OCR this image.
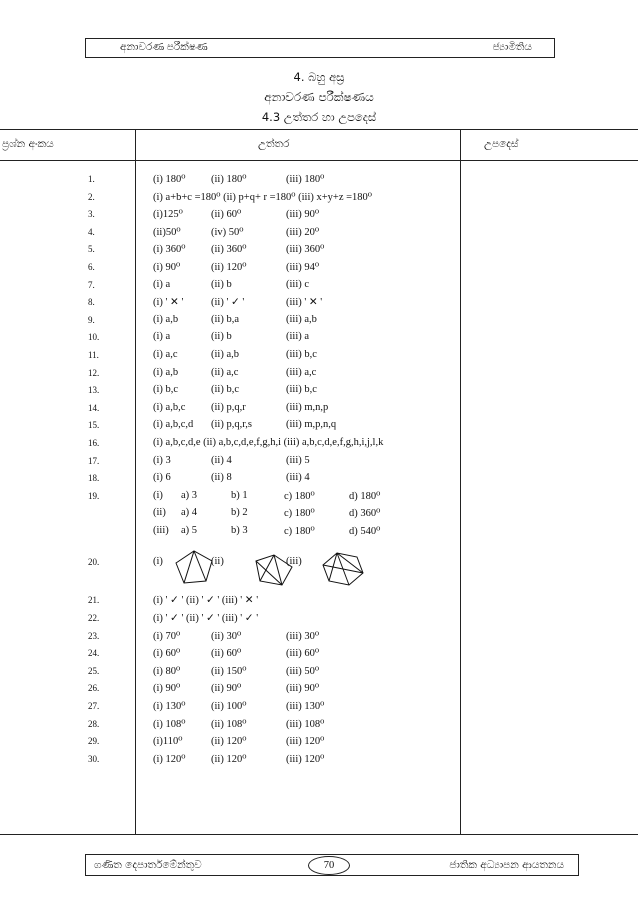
අනාවරණ පරීක්ෂණ	ජ්‍යාමිතිය
4. බහු අස්‍ර
අනාවරණ පරීක්ෂණය
4.3 උත්තර හා උපදෙස්
ප්‍රශ්න අංකය	උත්තර	උපදෙස්
1.	(i) 180⁰ (ii) 180⁰	(iii) 180⁰
2.	(i) a+b+c =180⁰ (ii) p+q+ r =180⁰ (iii) x+y+z =180⁰
3.	(i)125⁰	(ii) 60⁰	(iii) 90⁰
4.	(ii)50⁰	(iv) 50⁰	(iii) 20⁰
5.	(i) 360⁰ (ii) 360⁰	(iii) 360⁰
6.	(i) 90⁰	(ii) 120⁰	(iii) 94⁰
7.	(i) a	(ii) b	(iii) c
8.	(i) ' ✕ '	(ii) ' ✓ '	(iii) ' ✕ '
9.	(i) a,b	(ii) b,a	(iii) a,b
10.	(i) a	(ii) b	(iii) a
11.	(i) a,c	(ii) a,b	(iii) b,c
12.	(i) a,b	(ii) a,c	(iii) a,c
13.	(i) b,c	(ii) b,c	(iii) b,c
14.	(i) a,b,c (ii) p,q,r	(iii) m,n,p
15.	(i) a,b,c,d (ii) p,q,r,s	(iii) m,p,n,q
16.	(i) a,b,c,d,e (ii) a,b,c,d,e,f,g,h,i (iii) a,b,c,d,e,f,g,h,i,j,l,k
17.	(i) 3	(ii) 4	(iii) 5
18.	(i) 6	(ii) 8	(iii) 4
19.	(i) a) 3	b) 1	c) 180⁰	d) 180⁰
(ii) a) 4	b) 2	c) 180⁰	d) 360⁰
(iii) a) 5	b) 3	c) 180⁰	d) 540⁰
20.	(i)	(ii)	(iii)
21.	(i) ' ✓ ' (ii) ' ✓ ' (iii) ' ✕ '
22.	(i) ' ✓ ' (ii) ' ✓ ' (iii) ' ✓ '
23.	(i) 70⁰	(ii) 30⁰	(iii) 30⁰
24.	(i) 60⁰	(ii) 60⁰	(iii) 60⁰
25.	(i) 80⁰	(ii) 150⁰	(iii) 50⁰
26.	(i) 90⁰	(ii) 90⁰	(iii) 90⁰
27.	(i) 130⁰ (ii) 100⁰	(iii) 130⁰
28.	(i) 108⁰ (ii) 108⁰	(iii) 108⁰
29.	(i)110⁰	(ii) 120⁰	(iii) 120⁰
30.	(i) 120⁰ (ii) 120⁰	(iii) 120⁰
ගණිත දෙපාර්තමේන්තුව	70	ජාතික අධ්‍යාපන ආයතනය
